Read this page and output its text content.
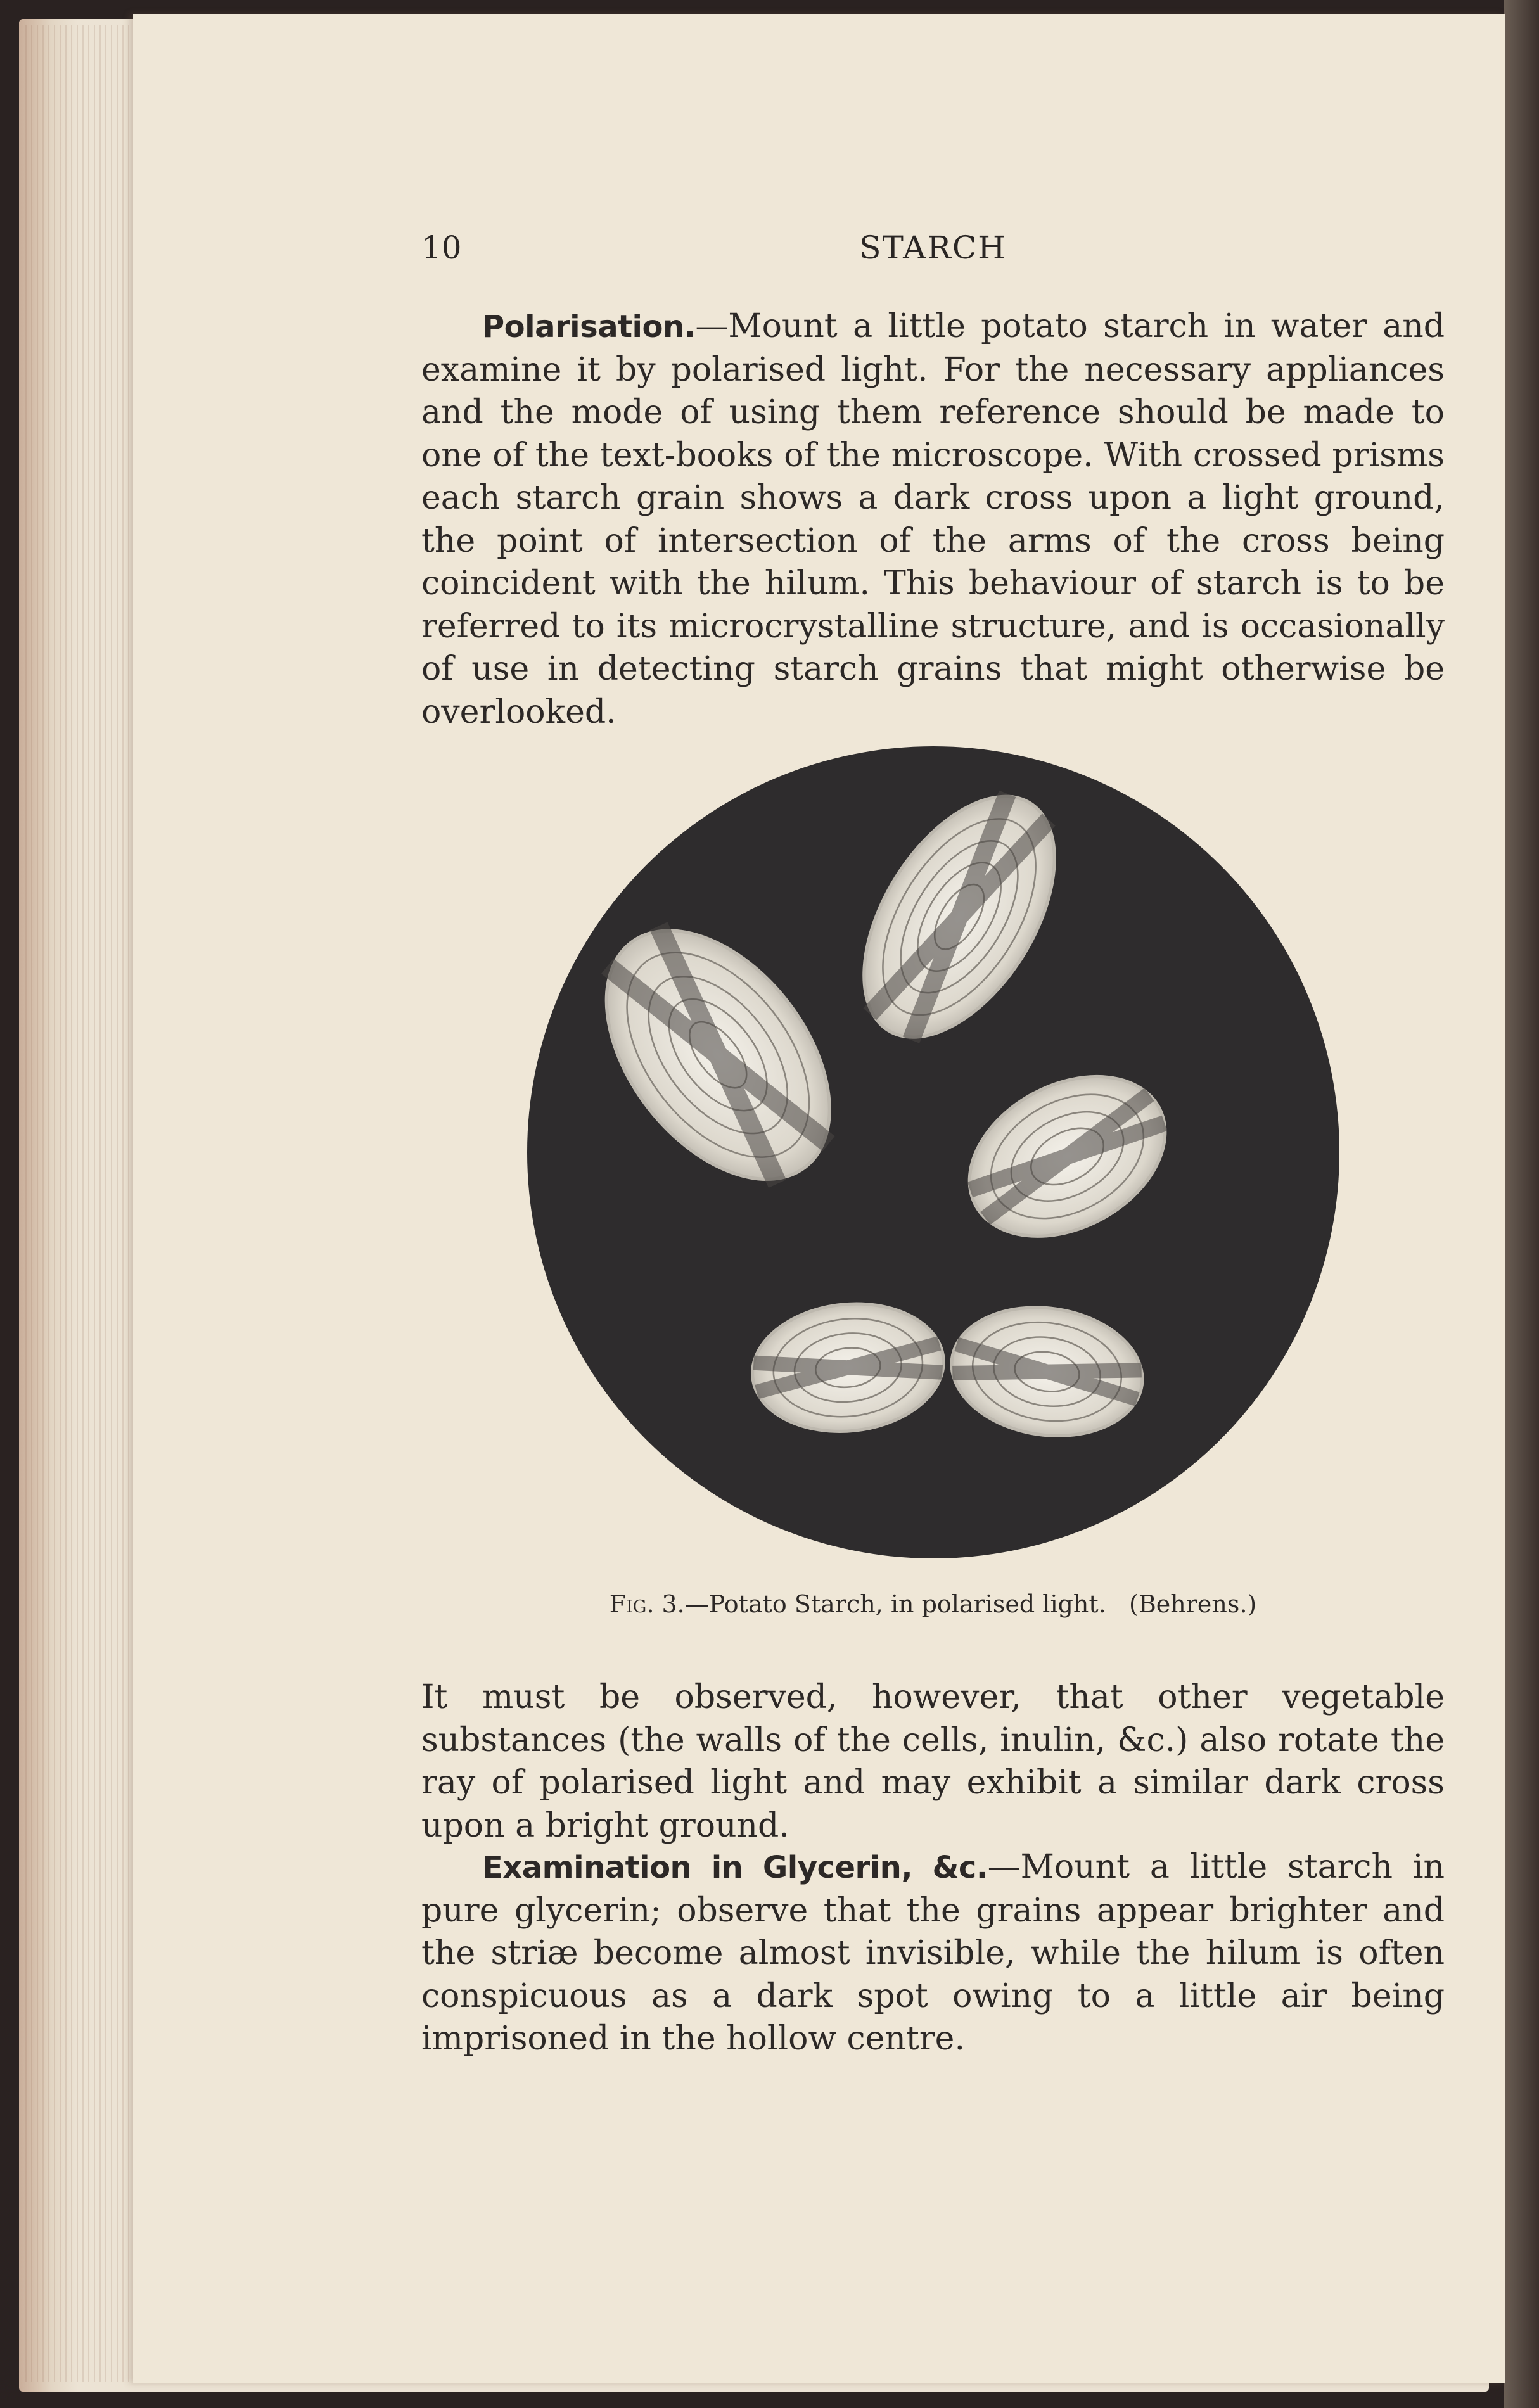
10	STARCH

Polarisation.—Mount a little potato starch in water and examine it by polarised light. For the necessary appliances and the mode of using them reference should be made to one of the text-books of the microscope. With crossed prisms each starch grain shows a dark cross upon a light ground, the point of intersection of the arms of the cross being coincident with the hilum. This behaviour of starch is to be referred to its microcrystalline structure, and is occasionally of use in detecting starch grains that might otherwise be overlooked.

Fig. 3.—Potato Starch, in polarised light. (Behrens.)

It must be observed, however, that other vegetable substances (the walls of the cells, inulin, &c.) also rotate the ray of polarised light and may exhibit a similar dark cross upon a bright ground.

Examination in Glycerin, &c.—Mount a little starch in pure glycerin; observe that the grains appear brighter and the striæ become almost invisible, while the hilum is often conspicuous as a dark spot owing to a little air being imprisoned in the hollow centre.
